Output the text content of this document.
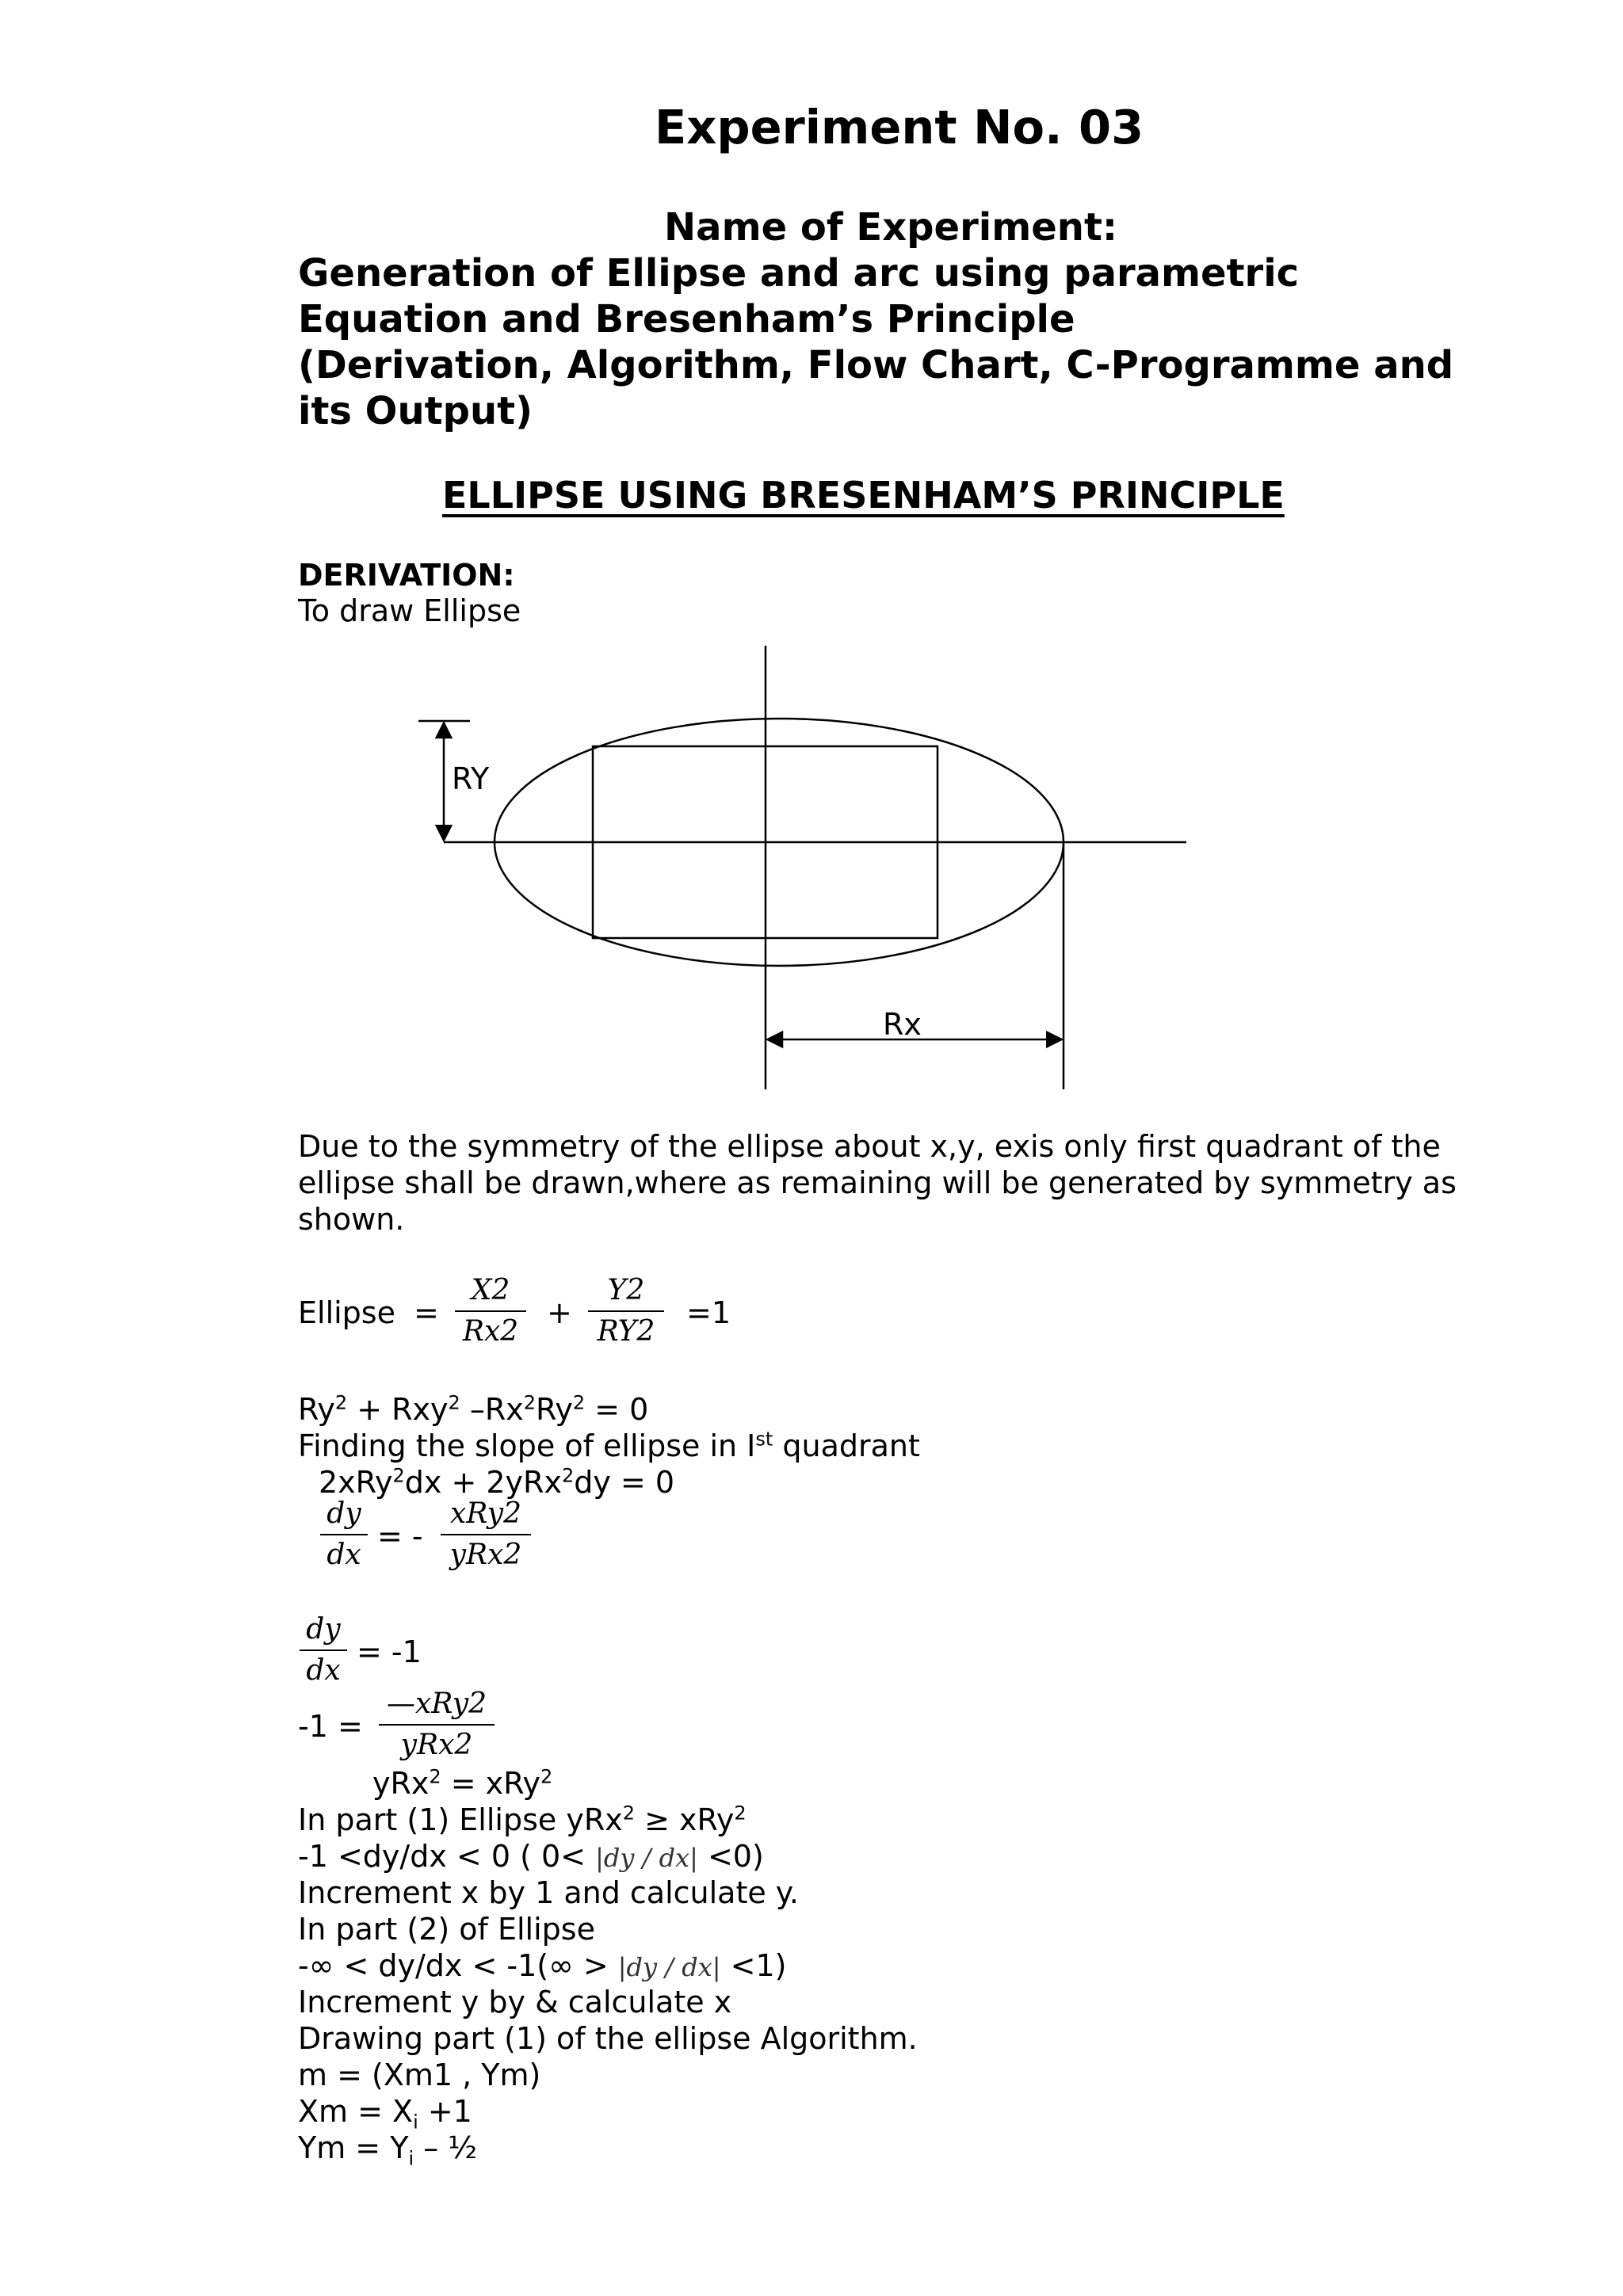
Experiment No. 03
Name of Experiment:
Generation of Ellipse and arc using parametric
Equation and Bresenham’s Principle
(Derivation, Algorithm, Flow Chart, C-Programme and
its Output)
ELLIPSE USING BRESENHAM’S PRINCIPLE
DERIVATION:
To draw Ellipse
RY
Rx
Due to the symmetry of the ellipse about x,y, exis only first quadrant of the
ellipse shall be drawn,where as remaining will be generated by symmetry as
shown.
Ellipse =
X2
Rx2
+
Y2
RY2
=1
$Ry^2 + Rxy^2$ $-Rx^2Ry^2 = 0$
Finding the slope of ellipse in Ist quadrant
2xRy$^2$dx + 2yRx$^2$dy = 0
dy
dx
= -
xRy2
yRx2
dy
dx
= -1
-1 =
—xRy2
yRx2
yRx$^2$ = xRy$^2$
In part (1) Ellipse yRx$^2$ ≥ xRy$^2$
-1 <dy/dx < 0 ( 0< |dy / dx| <0)
Increment x by 1 and calculate y.
In part (2) of Ellipse
-∞ < dy/dx < -1(∞ > |dy / dx| <1)
Increment y by & calculate x
Drawing part (1) of the ellipse Algorithm.
m = (Xm1 , Ym)
$Xm = X_i +1$
$Ym = Y_i$ – ½
